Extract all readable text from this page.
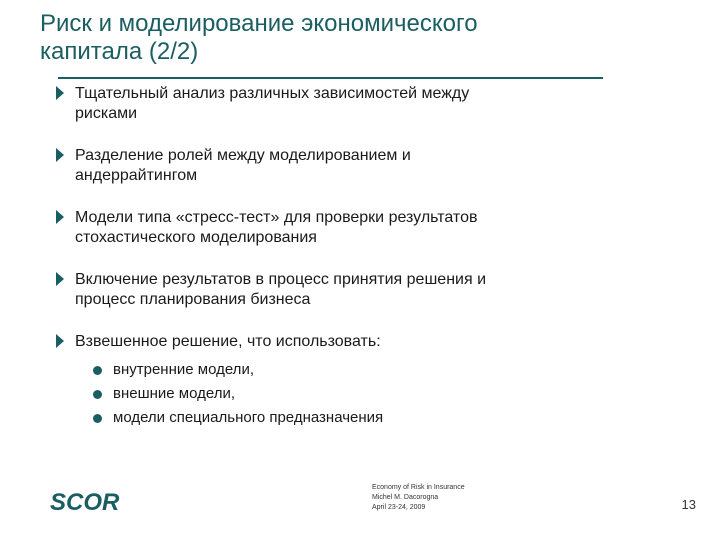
Риск и моделирование экономического
капитала (2/2)
Тщательный анализ различных зависимостей между
рисками
Разделение ролей между моделированием и
андеррайтингом
Модели типа «стресс-тест» для проверки результатов
стохастического моделирования
Включение результатов в процесс принятия решения и
процесс планирования бизнеса
Взвешенное решение, что использовать:
внутренние модели,
внешние модели,
модели специального предназначения
SCOR
Economy of Risk in Insurance
Michel M. Dacorogna
April 23-24, 2009	13
